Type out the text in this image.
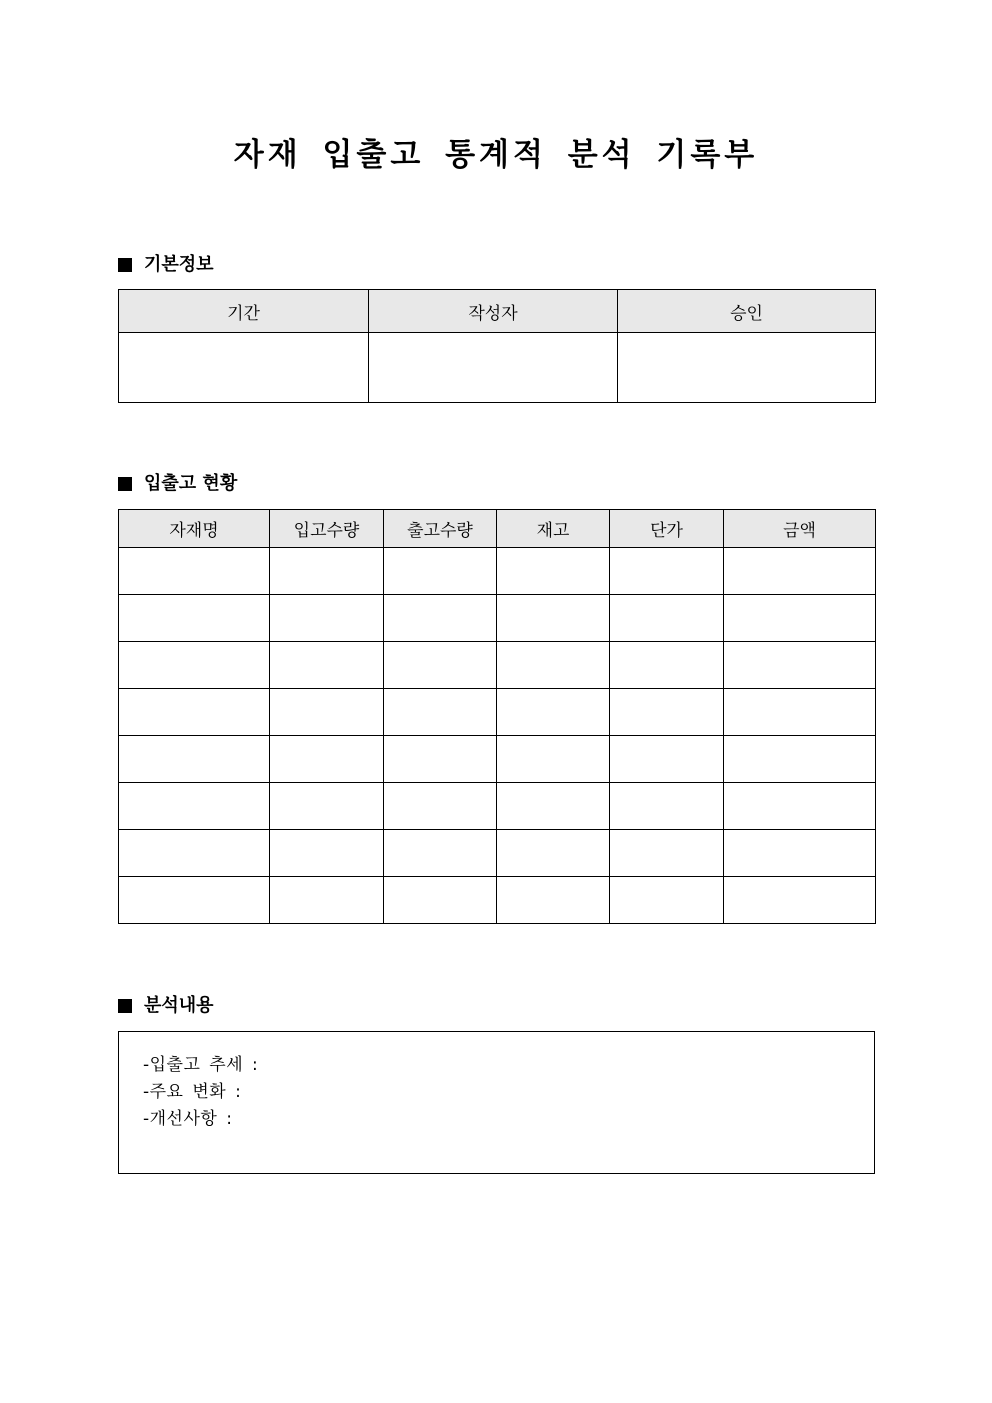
자재 입출고 통계적 분석 기록부
기본정보
기간	작성자	승인

입출고 현황
자재명	입고수량	출고수량	재고	단가	금액

분석내용
-입출고 추세 :
-주요 변화 :
-개선사항 :
